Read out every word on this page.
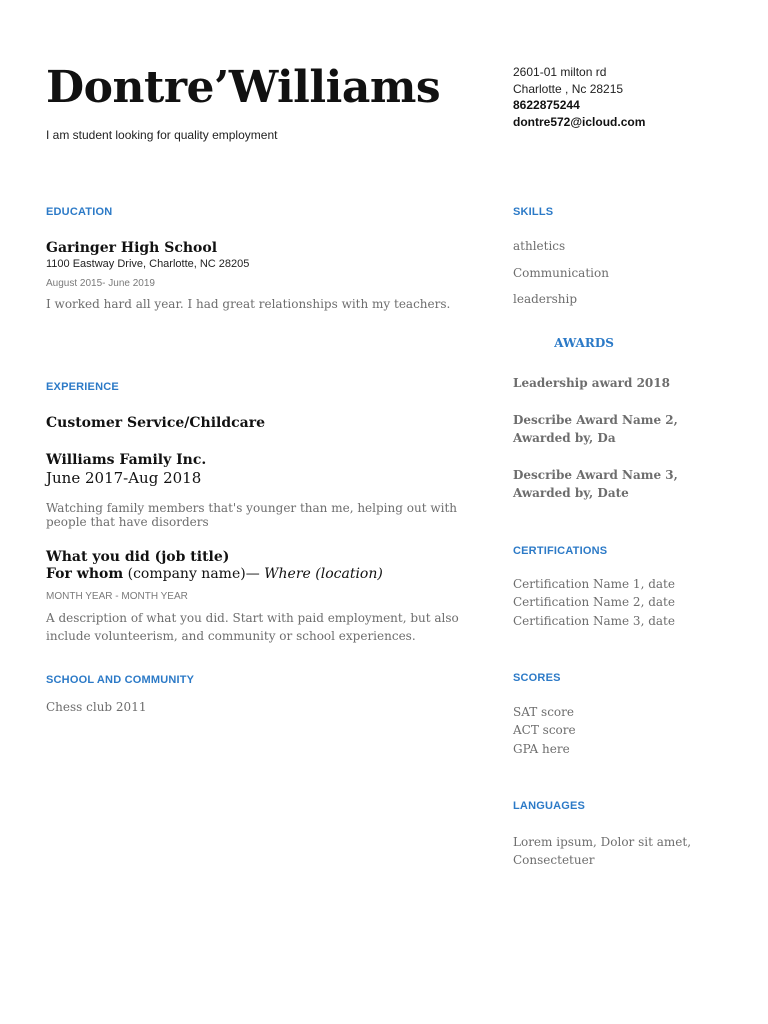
Dontre’Williams
I am student looking for quality employment
2601-01 milton rd
Charlotte , Nc 28215
8622875244
dontre572@icloud.com
EDUCATION
Garinger High School
1100 Eastway Drive, Charlotte, NC 28205
August 2015- June 2019
I worked hard all year. I had great relationships with my teachers.
EXPERIENCE
Customer Service/Childcare
Williams Family Inc.
June 2017-Aug 2018
Watching family members that's younger than me, helping out with people that have disorders
What you did (job title)
For whom (company name)— Where (location)
MONTH YEAR - MONTH YEAR
A description of what you did. Start with paid employment, but also include volunteerism, and community or school experiences.
SCHOOL AND COMMUNITY
Chess club 2011
SKILLS
athletics
Communication
leadership
AWARDS
Leadership award 2018
Describe Award Name 2, Awarded by, Da
Describe Award Name 3, Awarded by, Date
CERTIFICATIONS
Certification Name 1, date
Certification Name 2, date
Certification Name 3, date
SCORES
SAT score
ACT score
GPA here
LANGUAGES
Lorem ipsum, Dolor sit amet, Consectetuer
